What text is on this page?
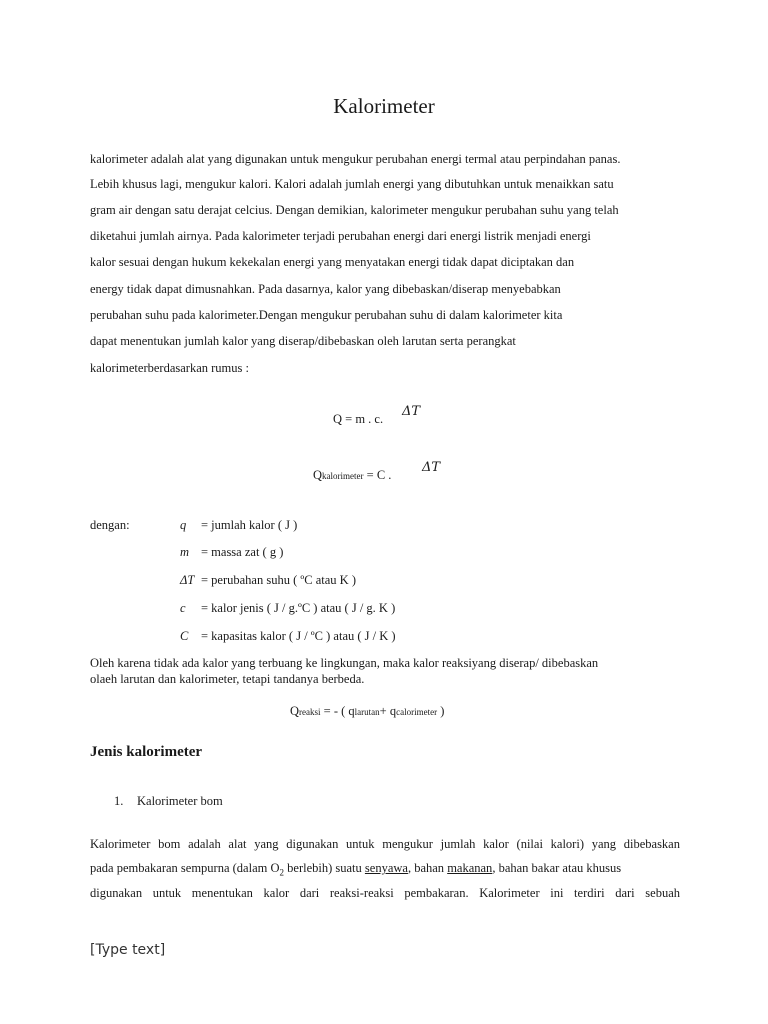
Kalorimeter
kalorimeter adalah alat yang digunakan untuk mengukur perubahan energi termal atau perpindahan panas.
Lebih khusus lagi, mengukur kalori. Kalori adalah jumlah energi yang dibutuhkan untuk menaikkan satu
gram air dengan satu derajat celcius. Dengan demikian, kalorimeter mengukur perubahan suhu yang telah
diketahui jumlah airnya. Pada kalorimeter terjadi perubahan energi dari energi listrik menjadi energi
kalor sesuai dengan hukum kekekalan energi yang menyatakan energi tidak dapat diciptakan dan
energy tidak dapat dimusnahkan. Pada dasarnya, kalor yang dibebaskan/diserap menyebabkan
perubahan suhu pada kalorimeter.Dengan mengukur perubahan suhu di dalam kalorimeter kita
dapat menentukan jumlah kalor yang diserap/dibebaskan oleh larutan serta perangkat
kalorimeterberdasarkan rumus :
Q = m . c. ΔT
Qkalorimeter = C . ΔT
dengan:	q = jumlah kalor ( J )
m = massa zat ( g )
ΔT = perubahan suhu ( ºC atau K )
c = kalor jenis ( J / g.ºC ) atau ( J / g. K )
C = kapasitas kalor ( J / ºC ) atau ( J / K )
Oleh karena tidak ada kalor yang terbuang ke lingkungan, maka kalor reaksiyang diserap/ dibebaskan
olaeh larutan dan kalorimeter, tetapi tandanya berbeda.
Qreaksi = - ( qlarutan+ qcalorimeter )
Jenis kalorimeter
1. Kalorimeter bom
Kalorimeter bom adalah alat yang digunakan untuk mengukur jumlah kalor (nilai kalori) yang dibebaskan
pada pembakaran sempurna (dalam $O_2$ berlebih) suatu senyawa, bahan makanan, bahan bakar atau khusus
digunakan untuk menentukan kalor dari reaksi-reaksi pembakaran. Kalorimeter ini terdiri dari sebuah
[Type text]
